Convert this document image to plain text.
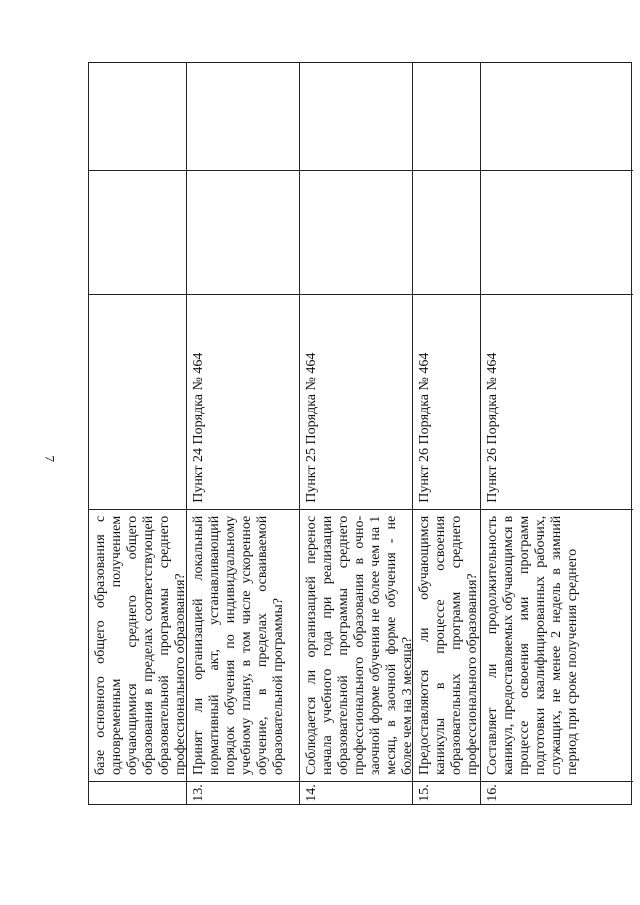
7
базе основного общего образования с одновременным получением обучающимися среднего общего образования в пределах соответствующей образовательной программы среднего профессионального образования?
13.
Принят ли организацией локальный нормативный акт, устанавливающий порядок обучения по индивидуальному учебному плану, в том числе ускоренное обучение, в пределах осваиваемой образовательной программы?
Пункт 24 Порядка № 464
14.
Соблюдается ли организацией перенос начала учебного года при реализации образовательной программы среднего профессионального образования в очно-заочной форме обучения не более чем на 1 месяц, в заочной форме обучения - не более чем на 3 месяца?
Пункт 25 Порядка № 464
15.
Предоставляются ли обучающимся каникулы в процессе освоения образовательных программ среднего профессионального образования?
Пункт 26 Порядка № 464
16.
Составляет ли продолжительность каникул, предоставляемых обучающимся в процессе освоения ими программ подготовки квалифицированных рабочих, служащих, не менее 2 недель в зимний период при сроке получения среднего
Пункт 26 Порядка № 464
